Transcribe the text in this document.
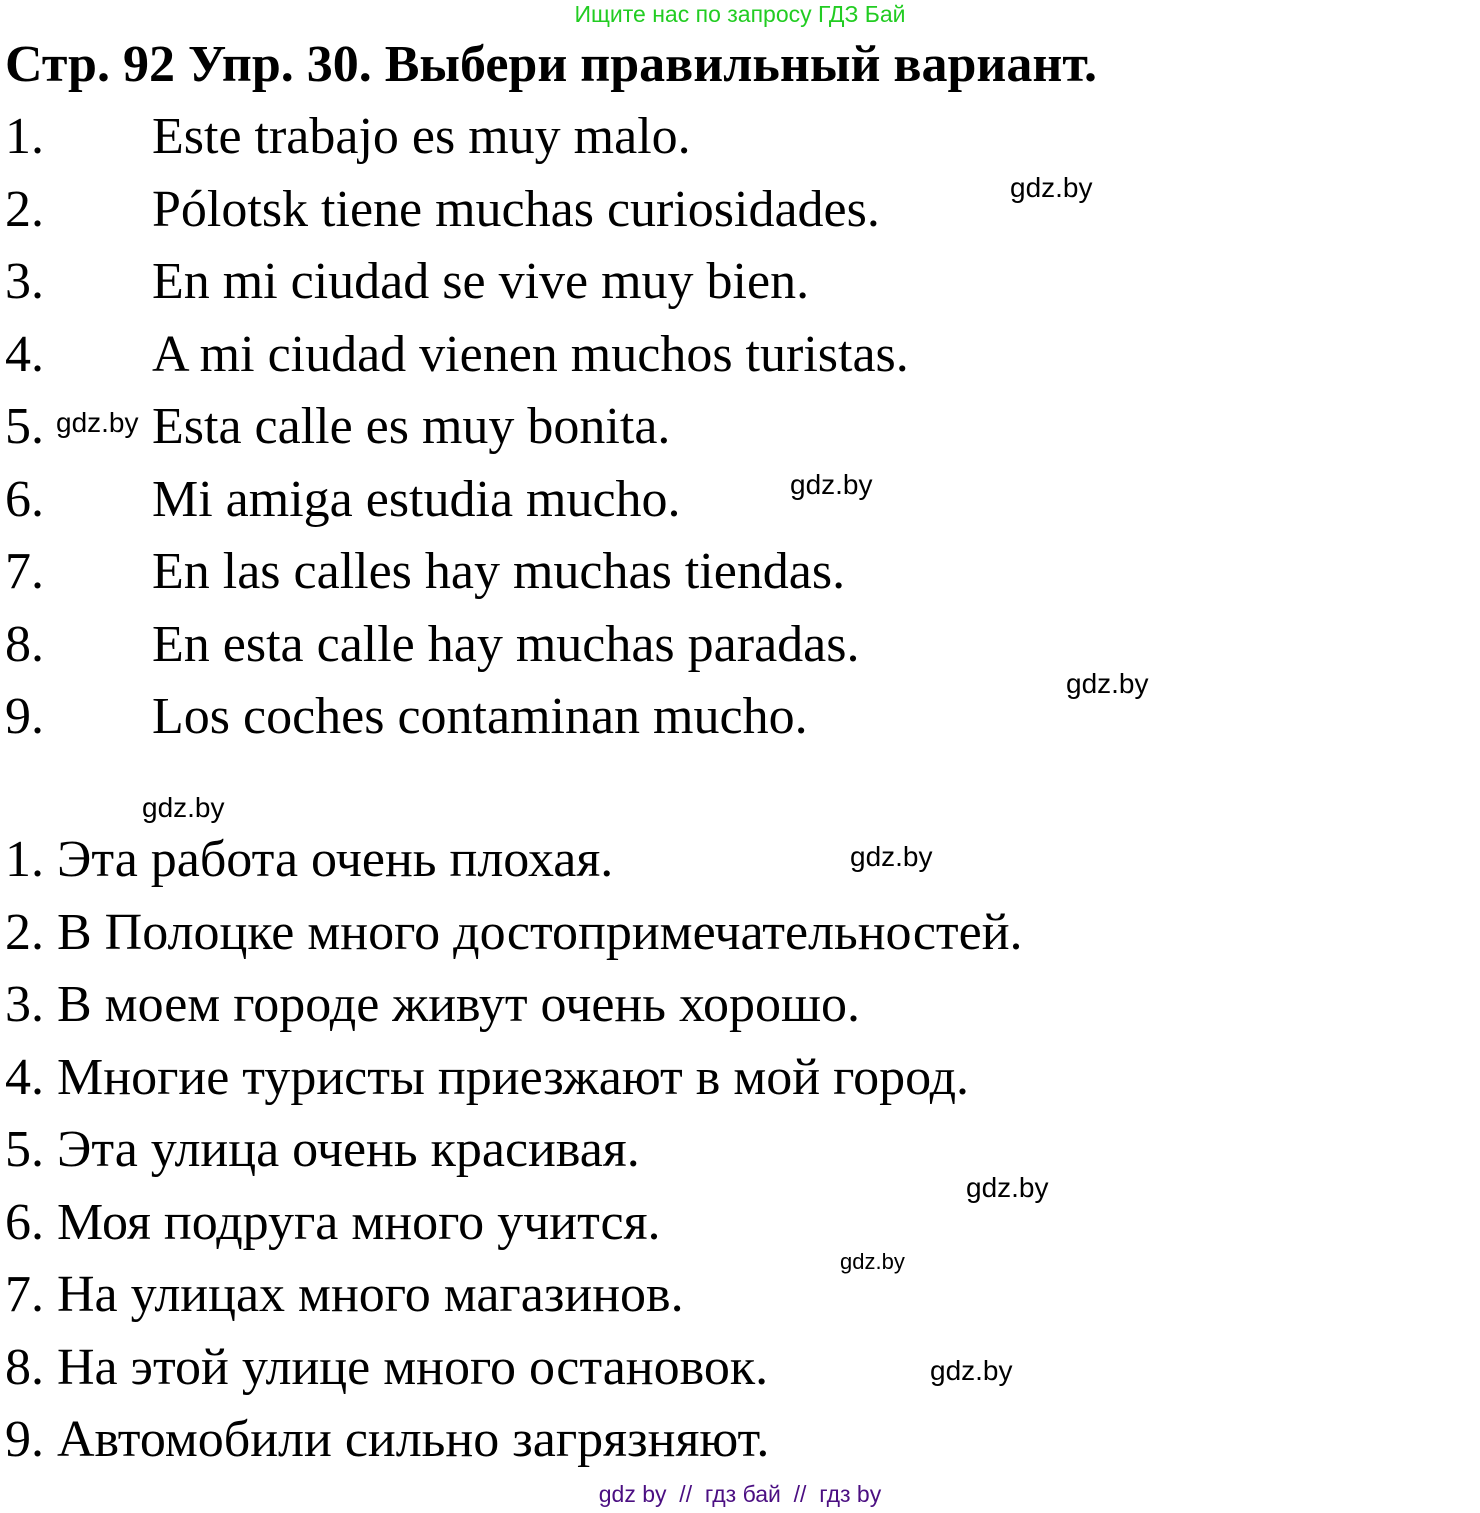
Ищите нас по запросу ГДЗ Бай
Стр. 92 Упр. 30. Выбери правильный вариант.
1. Este trabajo es muy malo.
2. Pólotsk tiene muchas curiosidades.
3. En mi ciudad se vive muy bien.
4. A mi ciudad vienen muchos turistas.
5. Esta calle es muy bonita.
6. Mi amiga estudia mucho.
7. En las calles hay muchas tiendas.
8. En esta calle hay muchas paradas.
9. Los coches contaminan mucho.
1. Эта работа очень плохая.
2. В Полоцке много достопримечательностей.
3. В моем городе живут очень хорошо.
4. Многие туристы приезжают в мой город.
5. Эта улица очень красивая.
6. Моя подруга много учится.
7. На улицах много магазинов.
8. На этой улице много остановок.
9. Автомобили сильно загрязняют.
gdz.by
gdz.by
gdz.by
gdz.by
gdz.by
gdz.by
gdz.by
gdz.by
gdz.by
gdz by  //  гдз бай  //  гдз by
